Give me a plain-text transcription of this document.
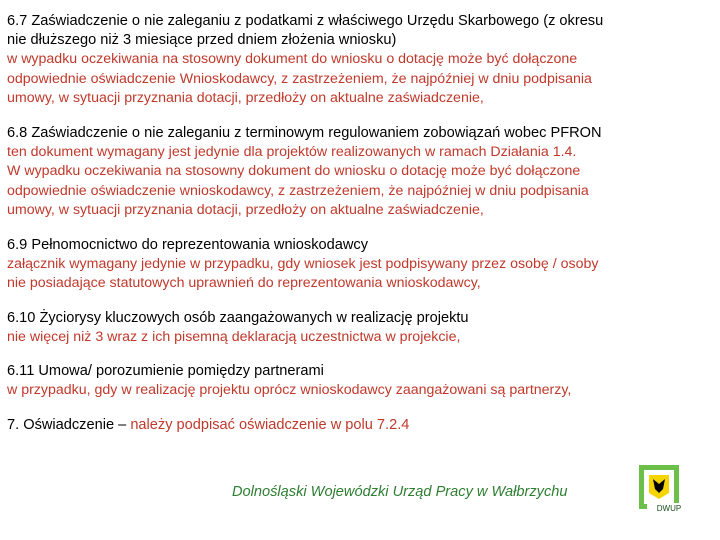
6.7 Zaświadczenie o nie zaleganiu z podatkami z właściwego Urzędu Skarbowego (z okresu
nie dłuższego niż 3 miesiące przed dniem złożenia wniosku)
w wypadku oczekiwania na stosowny dokument do wniosku o dotację może być dołączone
odpowiednie oświadczenie Wnioskodawcy, z zastrzeżeniem, że najpóźniej w dniu podpisania
umowy, w sytuacji przyznania dotacji, przedłoży on aktualne zaświadczenie,
6.8 Zaświadczenie o nie zaleganiu z terminowym regulowaniem zobowiązań wobec PFRON
ten dokument wymagany jest jedynie dla projektów realizowanych w ramach Działania 1.4.
W wypadku oczekiwania na stosowny dokument do wniosku o dotację może być dołączone
odpowiednie oświadczenie wnioskodawcy, z zastrzeżeniem, że najpóźniej w dniu podpisania
umowy, w sytuacji przyznania dotacji, przedłoży on aktualne zaświadczenie,
6.9 Pełnomocnictwo do reprezentowania wnioskodawcy
załącznik wymagany jedynie w przypadku, gdy wniosek jest podpisywany przez osobę / osoby
nie posiadające statutowych uprawnień do reprezentowania wnioskodawcy,
6.10 Życiorysy kluczowych osób zaangażowanych w realizację projektu
nie więcej niż 3 wraz z ich pisemną deklaracją uczestnictwa w projekcie,
6.11 Umowa/ porozumienie pomiędzy partnerami
w przypadku, gdy w realizację projektu oprócz wnioskodawcy zaangażowani są partnerzy,
7. Oświadczenie – należy podpisać oświadczenie w polu 7.2.4
Dolnośląski Wojewódzki Urząd Pracy w Wałbrzychu
DWUP
